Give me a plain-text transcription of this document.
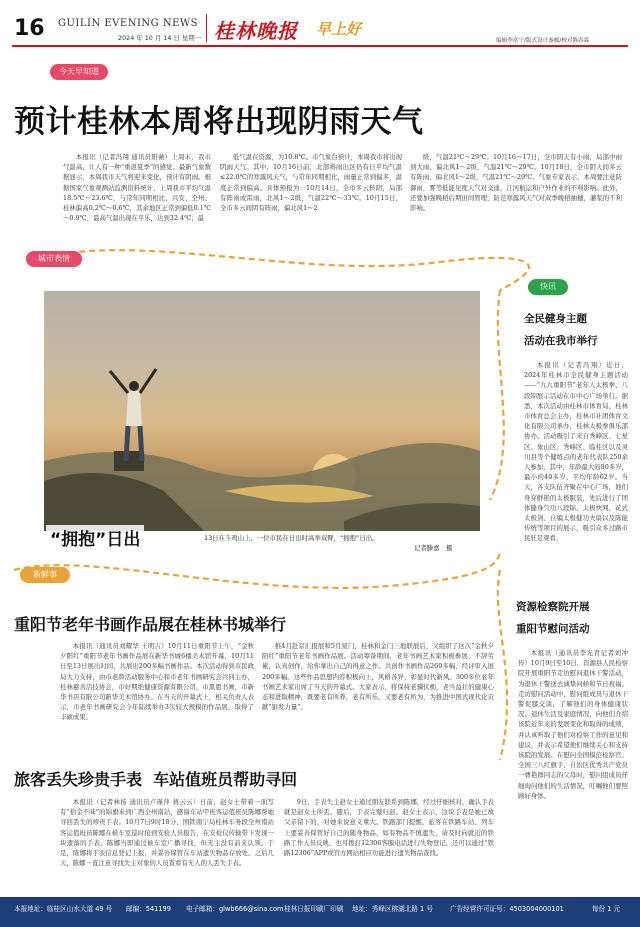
16 GUILIN EVENING NEWS
2024 年 10 月 14 日 星期一 桂林晚报 早上好
编辑李富宁/版式设计秦邮/校对陈春霖
今天早知道
预计桂林本周将出现阴雨天气

本报讯（记者冯翔 通讯员阳薇）上周末，我市气温高，让人有一种“重返夏季”的感觉。最新气象数据显示，本周我市天气将迎来变化，预计有阴雨。根据国家气象观测站监测资料统计，上周我市平均气温18.5℃～23.6℃，与常年同期相比，兴安、全州、桂林偏高0.2℃～0.6℃，其余地区正常到偏低0.1℃～0.9℃，最高气温出现在平乐，达到32.4℃；最

低气温在资源，为10.8℃。市气象台预计，本周我市将出现阴雨天气。其中，10月16日前，北部将雨出区仍有日平均气温≤22.0℃的寒露风天气，与常年同期相比，雨量正常到偏多，温度正常到偏高。具体预报为：10月14日，全市多云转阴，局部有阵雨或雷雨，北风1～2级，气温22℃～33℃。10月15日，全市多云间阴有阵雨，偏北风1～2

级，气温21℃～29℃。10月16～17日，全市阴天有小雨，局部中雨到大雨，偏北风1～2级，气温21℃～29℃。10月18日，全市阴天间多云有阵雨，偏北风1～2级，气温21℃～29℃。气象专家表示，本周要注意防御雨，雾等低能见度天气对交通，江河航运和户外作业的不利影响。此外，还要加强晚稻后期田间管理，防范寒露风天气对双季晚稻抽穗，灌浆的不利影响。

城市表情
“拥抱”日出	13日在斗鸡山上，一位市民在日出时高举双臂，“拥抱”日出。
记者滕嘉　摄
快讯
全民健身主题
活动在我市举行

本报讯（记者冯翔）近日，2024年桂林市全民健身主题活动——“九九重阳节”老年人太极拳、八段锦展示活动在市中心广场举行。据悉，本次活动由桂林市体育局、桂林市体育总会主办，桂林市社团体育文化有限公司承办，桂林太极拳俱乐部协办。活动吸引了来自秀峰区、七星区、象山区、秀峰区、临桂区以及灵川县等个健练点的老年代表队250余人参加，其中，年龄最大的80多岁，最小的40多岁，平均年龄62岁。当天，各支队伍齐聚在中心广场，他们身穿鲜艳的太极服装，先后进行了团体健身气功八段锦、太极快网、花式太极剑、自编太极健功夫扇以及陈能传统等项目的展示，吸引众多过路市民驻足观看。

资源检察院开展
重阳节慰问活动

本报讯（通讯员李光君记者刘冲传）10月9日至10日，资源县人民检察院开展重阳节走访慰问退休干警活动，为退休干警送去诚挚问候和节日祝福。走访慰问活动中，慰问组成员与退休干警促膝交谈，了解他们的身体健康状况、退休生活及家庭情况，向他们介绍该院近年来的发展变化和取得的成绩，并认真听取了他们对检察工作的意见和建议，并表示希望他们继续关心和支持该院的发展。在慰问全国模范检察官、全国三八红旗手、自治区优秀共产党员一曹艳群同志的父母时，慰问组成员仔细询问他们的生活情况，叮嘱他们要照顾好身体。

新鲜事
重阳节老年书画作品展在桂林书城举行

本报讯（通讯员刘耀华 王明吉）10月11日重阳节上午，“金秋夕阳红”重阳节老年书画作品展在新华书城6楼美术馆开幕，10月11日至13日展出时间，共展出200多幅书画作品。本次活动得到市民政局大力支持，由市老龄活动服务中心和市老年书画研究会共同主办，桂林慈善活技协会，市好期绝健康资源有限公司，市黑恩书画，市新华书店有限公司新华美术馆协办。在当天的开幕式上，相关负责人表示，市老年书画研究会今年陆续举办3次较大规模的作品展，取得了丰硕成果。

推4月赴京汇报展和5月厦门，桂林和金门三地联展后，又组织了这次“金秋夕阳红”重阳节老年书画作品展。活动筹备期间，老年书画艺术家积极参展，不辞劳累，认真创作，给你拿出自己的得意之作。共创作书画作品260多幅，经评审入展200多幅。这些作品思想内容积极向上，风格各异，彰显时代新风。300多位老年书画艺术家出席了当天的开幕式。大家表示，将保持老骥伏枥，老当益壮的健康心态和进取精神，既要老有所养，老有所乐，又要老有所为，为推进中国式现代化贡献“银发力量”。

旅客丢失珍贵手表  车站值班员帮助寻回

本报讯（记者林扬 通讯员卢瑾萍 蒋云云）日前，赵女士带着一面写有“拾金不昧”的锦旗来到广西全州南站，感谢车站甲班客运值班员陈娜帮她寻回丢失的珍贵手表。10月7日9时18分，国铁南宁局桂林车务段全州南站客运值班员陈娜在候车室巡时接到安检人员报告，在安检仪传输带下发现一块遗落的手表。陈娜当即通过候车室广播寻找，但无主没有前来认领。于是，陈娜将手表信息登记上报，并妥善保管在车站遗失物品存放处。之后几天，陈娜一直注意寻找失主对象的人员查看有无人的人丢失手表。

9日，手表失主赵女士通过朋友联系到陈娜，经过仔细核对，确认手表就是赵女士所丢。随后，手表完璧归赵。赵女士表示，这块手表是她已故父亲留下的，对她来说意义重大。铁路部门提醒，旅客在铁路车站、列车上要妥善保管好自己的随身物品，如有物品不慎遗失，请及时向就近的铁路工作人员反映，也可拨打12306客服电话进行失物登记，还可以通过“铁路12306”APP或官方网站相应功能进行遗失物品查找。

本报地址：临桂区山水大道 49 号 邮编：541199 电子邮箱：glwb666@sina.com 桂林日报印刷厂印刷 地址：秀峰区榕湖北路 1 号	广告经营许可证号：4503004000101	每份 1 元
